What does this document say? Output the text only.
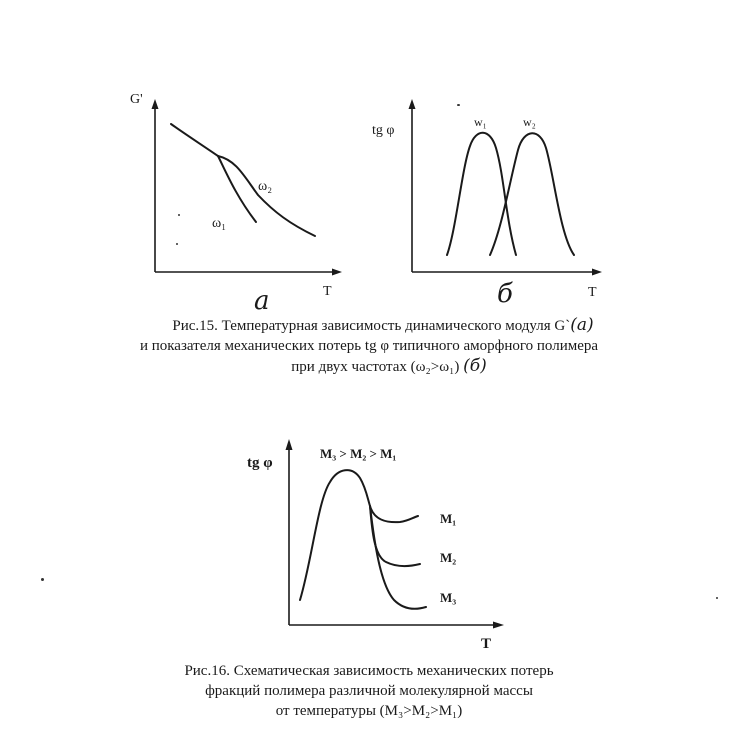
G'
T
ω₂
ω₁
a
tg φ
T
w₁	w₂
б
tg φ
T
M₃ > M₂ > M₁
M₁
M₂
M₃
Рис.15. Температурная зависимость динамического модуля G`(а)
и показателя механических потерь tg φ типичного аморфного полимера
при двух частотах (ω₂>ω₁) (б)
Рис.16. Схематическая зависимость механических потерь
фракций полимера различной молекулярной массы
от температуры (M₃>M₂>M₁)
